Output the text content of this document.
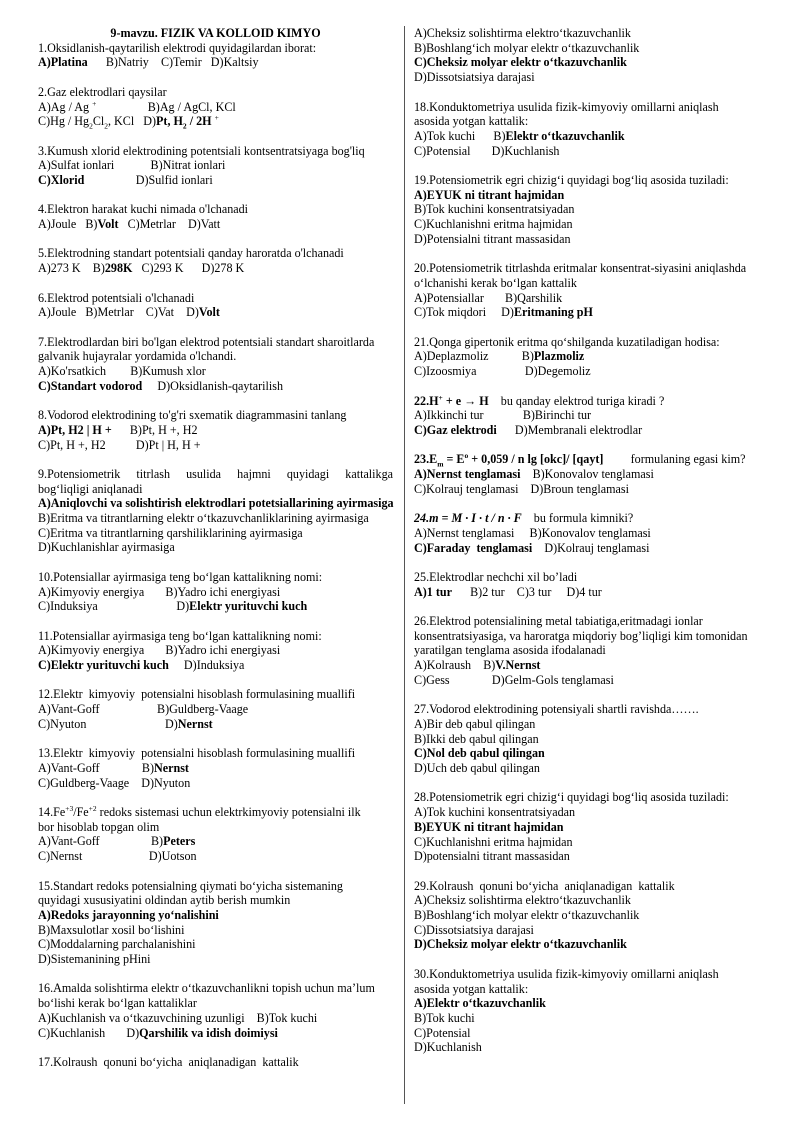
9-mavzu. FIZIK VA KOLLOID KIMYO
1.Oksidlanish-qaytarilish elektrodi quyidagilardan iborat:
A)Platina      B)Natriy    C)Temir   D)Kaltsiy
2.Gaz elektrodlari qaysilar
A)Ag / Ag +                 B)Ag / AgCl, KCl
$C)Hg / Hg_2Cl_2$, KCl   D)Pt, $H_2 / 2H$ +
3.Kumush xlorid elektrodining potentsiali kontsentratsiyaga bog'liq
A)Sulfat ionlari            B)Nitrat ionlari
C)Xlorid                 D)Sulfid ionlari
4.Elektron harakat kuchi nimada o'lchanadi
A)Joule   B)Volt   C)Metrlar    D)Vatt
5.Elektrodning standart potentsiali qanday haroratda o'lchanadi
A)273 K    B)298K   C)293 K      D)278 K
6.Elektrod potentsiali o'lchanadi
A)Joule   B)Metrlar    C)Vat    D)Volt
7.Elektrodlardan biri bo'lgan elektrod potentsiali standart sharoitlarda
galvanik hujayralar yordamida o'lchandi.
A)Ko'rsatkich        B)Kumush xlor
C)Standart vodorod     D)Oksidlanish-qaytarilish
8.Vodorod elektrodining to'g'ri sxematik diagrammasini tanlang
A)Pt, H2 | H +      B)Pt, H +, H2
C)Pt, H +, H2          D)Pt | H, H +
9.Potensiometrik titrlash usulida hajmni quyidagi kattalikga
bog‘liqligi aniqlanadi
A)Aniqlovchi va solishtirish elektrodlari potetsiallarining ayirmasiga
B)Eritma va titrantlarning elektr o‘tkazuvchanliklarining ayirmasiga
C)Eritma va titrantlarning qarshiliklarining ayirmasiga
D)Kuchlanishlar ayirmasiga
10.Potensiallar ayirmasiga teng bo‘lgan kattalikning nomi:
A)Kimyoviy energiya       B)Yadro ichi energiyasi
C)Induksiya                          D)Elektr yurituvchi kuch
11.Potensiallar ayirmasiga teng bo‘lgan kattalikning nomi:
A)Kimyoviy energiya       B)Yadro ichi energiyasi
C)Elektr yurituvchi kuch     D)Induksiya
12.Elektr  kimyoviy  potensialni hisoblash formulasining muallifi
A)Vant-Goff                   B)Guldberg-Vaage
C)Nyuton                          D)Nernst
13.Elektr  kimyoviy  potensialni hisoblash formulasining muallifi
A)Vant-Goff              B)Nernst
C)Guldberg-Vaage    D)Nyuton
$14.Fe^{+3}/Fe^{+2}$ redoks sistemasi uchun elektrkimyoviy potensialni ilk
bor hisoblab topgan olim
A)Vant-Goff                 B)Peters
C)Nernst                      D)Uotson
15.Standart redoks potensialning qiymati bo‘yicha sistemaning
quyidagi xususiyatini oldindan aytib berish mumkin
A)Redoks jarayonning yo‘nalishini
B)Maxsulotlar xosil bo‘lishini
C)Moddalarning parchalanishini
D)Sistemanining pHini
16.Amalda solishtirma elektr o‘tkazuvchanlikni topish uchun ma’lum
bo‘lishi kerak bo‘lgan kattaliklar
A)Kuchlanish va o‘tkazuvchining uzunligi    B)Tok kuchi
C)Kuchlanish       D)Qarshilik va idish doimiysi
17.Kolraush  qonuni bo‘yicha  aniqlanadigan  kattalik
A)Cheksiz solishtirma elektro‘tkazuvchanlik
B)Boshlang‘ich molyar elektr o‘tkazuvchanlik
C)Cheksiz molyar elektr o‘tkazuvchanlik
D)Dissotsiatsiya darajasi
18.Konduktometriya usulida fizik-kimyoviy omillarni aniqlash
asosida yotgan kattalik:
A)Tok kuchi      B)Elektr o‘tkazuvchanlik
C)Potensial       D)Kuchlanish
19.Potensiometrik egri chizig‘i quyidagi bog‘liq asosida tuziladi:
A)EYUK ni titrant hajmidan
B)Tok kuchini konsentratsiyadan
C)Kuchlanishni eritma hajmidan
D)Potensialni titrant massasidan
20.Potensiometrik titrlashda eritmalar konsentrat-siyasini aniqlashda
o‘lchanishi kerak bo‘lgan kattalik
A)Potensiallar       B)Qarshilik
C)Tok miqdori     D)Eritmaning pH
21.Qonga gipertonik eritma qo‘shilganda kuzatiladigan hodisa:
A)Deplazmoliz           B)Plazmoliz
C)Izoosmiya                D)Degemoliz
22.H+ + e → H    bu qanday elektrod turiga kiradi ?
A)Ikkinchi tur             B)Birinchi tur
C)Gaz elektrodi      D)Membranali elektrodlar
$23.E_m = E^o + 0,059 / n$ lg [okc]/ [qayt]         formulaning egasi kim?
A)Nernst tenglamasi    B)Konovalov tenglamasi
C)Kolrauj tenglamasi    D)Broun tenglamasi
24.m = M · I · t / n · F    bu formula kimniki?
A)Nernst tenglamasi     B)Konovalov tenglamasi
C)Faraday  tenglamasi    D)Kolrauj tenglamasi
25.Elektrodlar nechchi xil bo’ladi
A)1 tur      B)2 tur    C)3 tur     D)4 tur
26.Elektrod potensialining metal tabiatiga,eritmadagi ionlar
konsentratsiyasiga, va haroratga miqdoriy bog’liqligi kim tomonidan
yaratilgan tenglama asosida ifodalanadi
A)Kolraush    B)V.Nernst
C)Gess              D)Gelm-Gols tenglamasi
27.Vodorod elektrodining potensiyali shartli ravishda…….
A)Bir deb qabul qilingan
B)Ikki deb qabul qilingan
C)Nol deb qabul qilingan
D)Uch deb qabul qilingan
28.Potensiometrik egri chizig‘i quyidagi bog‘liq asosida tuziladi:
A)Tok kuchini konsentratsiyadan
B)EYUK ni titrant hajmidan
C)Kuchlanishni eritma hajmidan
D)potensialni titrant massasidan
29.Kolraush  qonuni bo‘yicha  aniqlanadigan  kattalik
A)Cheksiz solishtirma elektro‘tkazuvchanlik
B)Boshlang‘ich molyar elektr o‘tkazuvchanlik
C)Dissotsiatsiya darajasi
D)Cheksiz molyar elektr o‘tkazuvchanlik
30.Konduktometriya usulida fizik-kimyoviy omillarni aniqlash
asosida yotgan kattalik:
A)Elektr o‘tkazuvchanlik
B)Tok kuchi
C)Potensial
D)Kuchlanish
